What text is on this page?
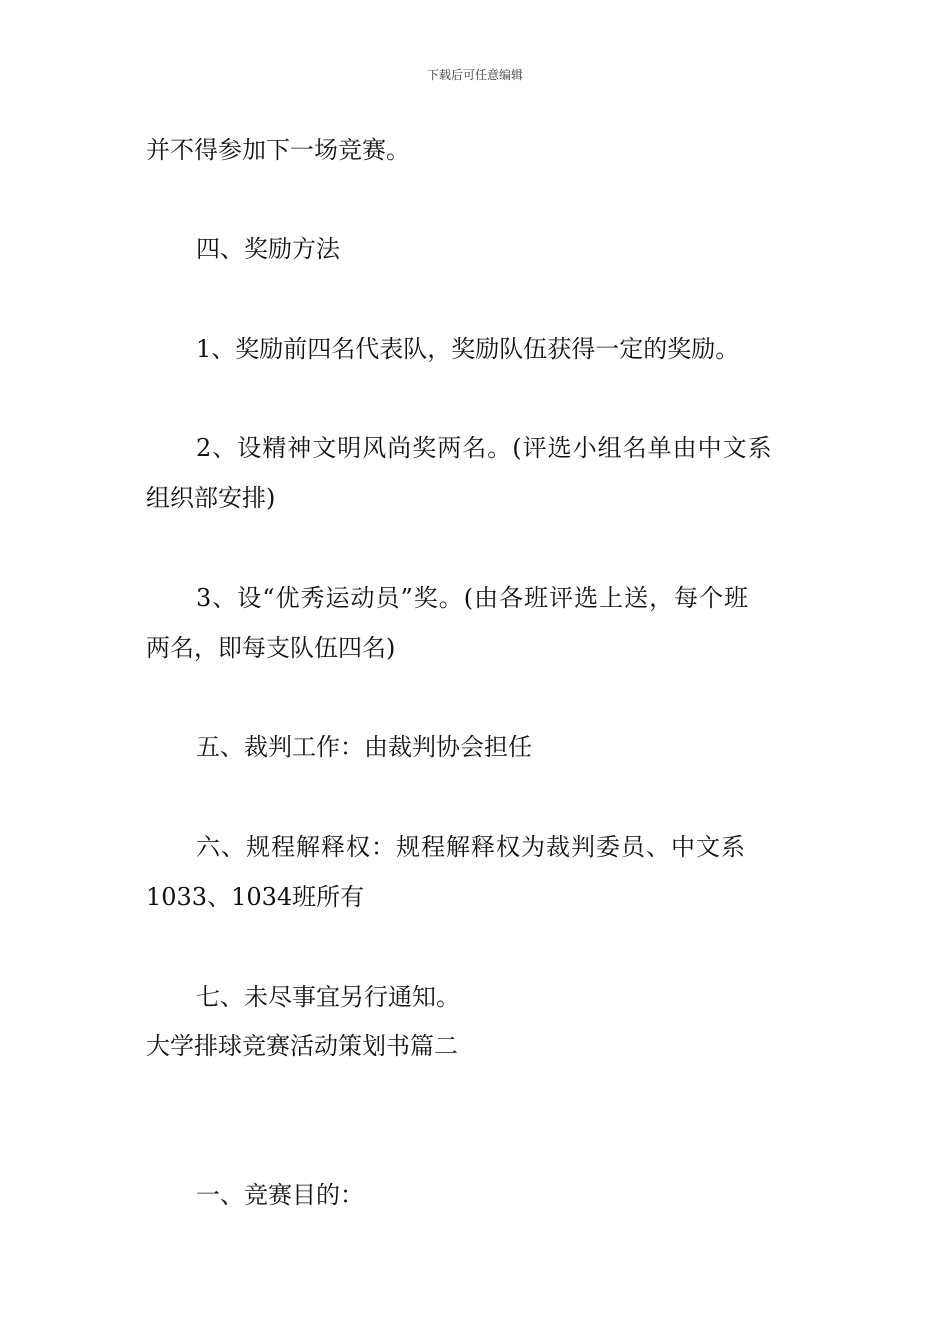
下载后可任意编辑
并不得参加下一场竞赛。
四、奖励方法
1、奖励前四名代表队，奖励队伍获得一定的奖励。
2、设精神文明风尚奖两名。(评选小组名单由中文系
组织部安排)
3、设“优秀运动员”奖。(由各班评选上送，每个班
两名，即每支队伍四名)
五、裁判工作：由裁判协会担任
六、规程解释权：规程解释权为裁判委员、中文系
1033、1034班所有
七、未尽事宜另行通知。
大学排球竞赛活动策划书篇二
一、竞赛目的：
